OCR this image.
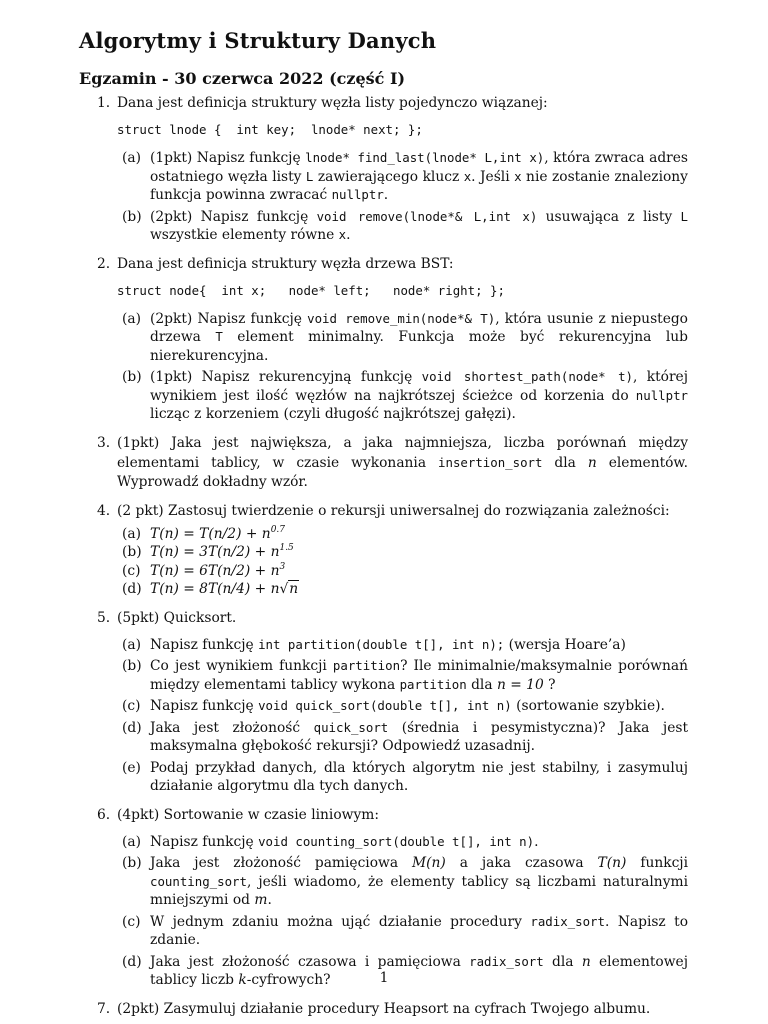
Algorytmy i Struktury Danych
Egzamin - 30 czerwca 2022 (część I)
1. Dana jest definicja struktury węzła listy pojedynczo wiązanej:
struct lnode {  int key;  lnode* next; };
(a) (1pkt) Napisz funkcję lnode* find_last(lnode* L,int x), która zwraca adres ostatniego węzła listy L zawierającego klucz x. Jeśli x nie zostanie znaleziony funkcja powinna zwracać nullptr.
(b) (2pkt) Napisz funkcję void remove(lnode*& L,int x) usuwająca z listy L wszystkie elementy równe x.
2. Dana jest definicja struktury węzła drzewa BST:
struct node{  int x;   node* left;   node* right; };
(a) (2pkt) Napisz funkcję void remove_min(node*& T), która usunie z niepustego drzewa T element minimalny. Funkcja może być rekurencyjna lub nierekurencyjna.
(b) (1pkt) Napisz rekurencyjną funkcję void shortest_path(node* t), której wynikiem jest ilość węzłów na najkrótszej ścieżce od korzenia do nullptr licząc z korzeniem (czyli długość najkrótszej gałęzi).
3. (1pkt) Jaka jest największa, a jaka najmniejsza, liczba porównań między elementami tablicy, w czasie wykonania insertion_sort dla n elementów. Wyprowadź dokładny wzór.
4. (2 pkt) Zastosuj twierdzenie o rekursji uniwersalnej do rozwiązania zależności:
(a) $T(n) = T(n/2) + n^{0.7}$
(b) $T(n) = 3T(n/2) + n^{1.5}$
(c) $T(n) = 6T(n/2) + n^3$
(d) T(n) = 8T(n/4) + n√n
5. (5pkt) Quicksort.
(a) Napisz funkcję int partition(double t[], int n); (wersja Hoare’a)
(b) Co jest wynikiem funkcji partition? Ile minimalnie/maksymalnie porównań między elementami tablicy wykona partition dla n = 10 ?
(c) Napisz funkcję void quick_sort(double t[], int n) (sortowanie szybkie).
(d) Jaka jest złożoność quick_sort (średnia i pesymistyczna)? Jaka jest maksymalna głębokość rekursji? Odpowiedź uzasadnij.
(e) Podaj przykład danych, dla których algorytm nie jest stabilny, i zasymuluj działanie algorytmu dla tych danych.
6. (4pkt) Sortowanie w czasie liniowym:
(a) Napisz funkcję void counting_sort(double t[], int n).
(b) Jaka jest złożoność pamięciowa M(n) a jaka czasowa T(n) funkcji counting_sort, jeśli wiadomo, że elementy tablicy są liczbami naturalnymi mniejszymi od m.
(c) W jednym zdaniu można ująć działanie procedury radix_sort. Napisz to zdanie.
(d) Jaka jest złożoność czasowa i pamięciowa radix_sort dla n elementowej tablicy liczb k-cyfrowych?
7. (2pkt) Zasymuluj działanie procedury Heapsort na cyfrach Twojego albumu.
1
